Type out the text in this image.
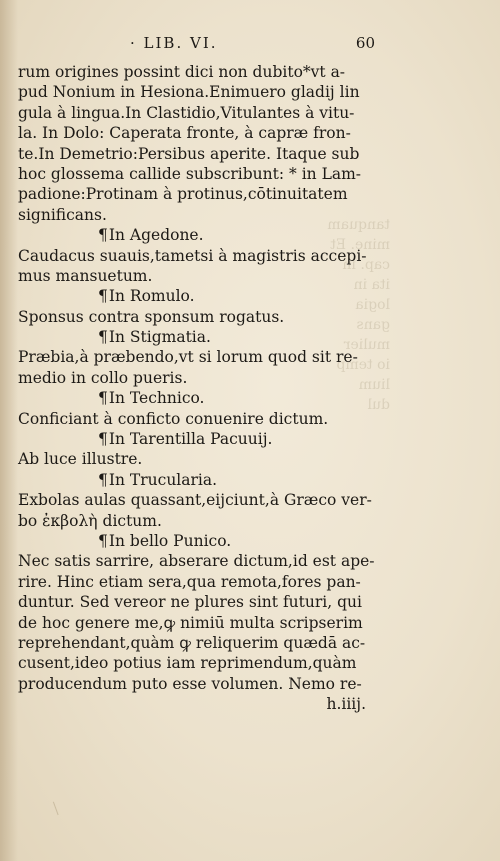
tanquam
mine. Et
cap. in
ita in
logia
gans
mulier
io temp
lium
dul
· LIB. VI.	60
rum origines possint dici non dubito*vt a-
pud Nonium in Hesiona.Enimuero gladij lin
gula à lingua.In Clastidio,Vitulantes à vitu-
la. In Dolo: Caperata fronte, à capræ fron-
te.In Demetrio:Persibus aperite. Itaque sub
hoc glossema callide subscribunt: * in Lam-
padione:Protinam à protinus,cōtinuitatem
significans.
¶In Agedone.
Caudacus suauis,tametsi à magistris accepi-
mus mansuetum.
¶In Romulo.
Sponsus contra sponsum rogatus.
¶In Stigmatia.
Præbia,à præbendo,vt si lorum quod sit re-
medio in collo pueris.
¶In Technico.
Conficiant à conficto conuenire dictum.
¶In Tarentilla Pacuuij.
Ab luce illustre.
¶In Trucularia.
Exbolas aulas quassant,eijciunt,à Græco ver-
bo ἐκβολὴ dictum.
¶In bello Punico.
Nec satis sarrire, abserare dictum,id est ape-
rire. Hinc etiam sera,qua remota,fores pan-
duntur. Sed vereor ne plures sint futuri, qui
de hoc genere me,ꝙ nimiū multa scripserim
reprehendant,quàm ꝙ reliquerim quædā ac-
cusent,ideo potius iam reprimendum,quàm
producendum puto esse volumen. Nemo re-
h.iiij.
